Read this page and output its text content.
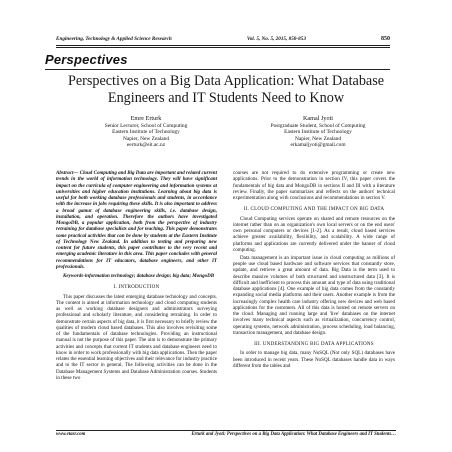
Engineering, Technology & Applied Science Research	Vol. 5, No. 5, 2015, 850-853	850
Perspectives
Perspectives on a Big Data Application: What Database Engineers and IT Students Need to Know
Emre Erturk
Senior Lecturer, School of Computing
Eastern Institute of Technology
Napier, New Zealand
eerturk@eit.ac.nz
Kamal Jyoti
Postgraduate Student, School of Computing
Eastern Institute of Technology
Napier, New Zealand
erkamaljyoti@gmail.com

Abstract— Cloud Computing and Big Data are important and related current trends in the world of information technology. They will have significant impact on the curricula of computer engineering and information systems at universities and higher education institutions. Learning about big data is useful for both working database professionals and students, in accordance with the increase in jobs requiring these skills. It is also important to address a broad gamut of database engineering skills, i.e. database design, installation, and operation. Therefore the authors have investigated MongoDB, a popular application, both from the perspective of industry retraining for database specialists and for teaching. This paper demonstrates some practical activities that can be done by students at the Eastern Institute of Technology New Zealand. In addition to testing and preparing new content for future students, this paper contributes to the very recent and emerging academic literature in this area. This paper concludes with general recommendations for IT educators, database engineers, and other IT professionals.

Keywords-information technology; database design; big data; MongoDB

I. INTRODUCTION

This paper discusses the latest emerging database technology and concepts. The content is aimed at information technology and cloud computing students as well as working database designers and administrators surveying professional and scholarly literature, and considering retraining. In order to demonstrate certain aspects of big data, it is first necessary to briefly review the qualities of modern cloud based databases. This also involves revisiting some of the fundamentals of database technologies. Providing an instructional manual is not the purpose of this paper. The aim is to demonstrate the primary activities and concepts that current IT students and database engineers need to know in order to work professionally with big data applications. Then the paper relates the essential learning objectives and their relevance for industry practice and to the IT sector in general. The following activities can be done in the Database Management Systems and Database Administration courses. Students in these two

courses are not required to do extensive programming or create new applications. Prior to the demonstration in section IV, this paper covers the fundamentals of big data and MongoDB in sections II and III with a literature review. Finally, the paper summarizes and reflects on the authors' technical experimentation along with conclusions and recommendations in section V.

II. CLOUD COMPUTING AND THE IMPACT ON BIG DATA

Cloud Computing services operate on shared and remote resources on the internet rather than on an organization's own local servers or on the end users' own personal computers or devices [1-2]. As a result, cloud based services achieve greater availability, flexibility, and scalability. A wide range of platforms and applications are currently delivered under the banner of cloud computing.

Data management is an important issue in cloud computing as millions of people use cloud based hardware and software services that constantly store, update, and retrieve a great amount of data. Big Data is the term used to describe massive volumes of both structured and unstructured data [3]. It is difficult and inefficient to process this amount and type of data using traditional database applications [4]. One example of big data comes from the constantly expanding social media platforms and their users. Another example is from the increasingly complex health care industry offering new devices and web based applications for the customers. All of this data is hosted on remote servers on the cloud. Managing and running large and 'live' databases on the internet involves many technical aspects such as virtualization, concurrency control, operating systems, network administration, process scheduling, load balancing, transaction management, and database design.

III. UNDERSTANDING BIG DATA APPLICATIONS

In order to manage big data, many NoSQL (Not only SQL) databases have been introduced in recent years. These NoSQL databases handle data in ways different from the tables and

www.etasr.com	Erturk and Jyoti: Perspectives on a Big Data Application: What Database Engineers and IT Students…
